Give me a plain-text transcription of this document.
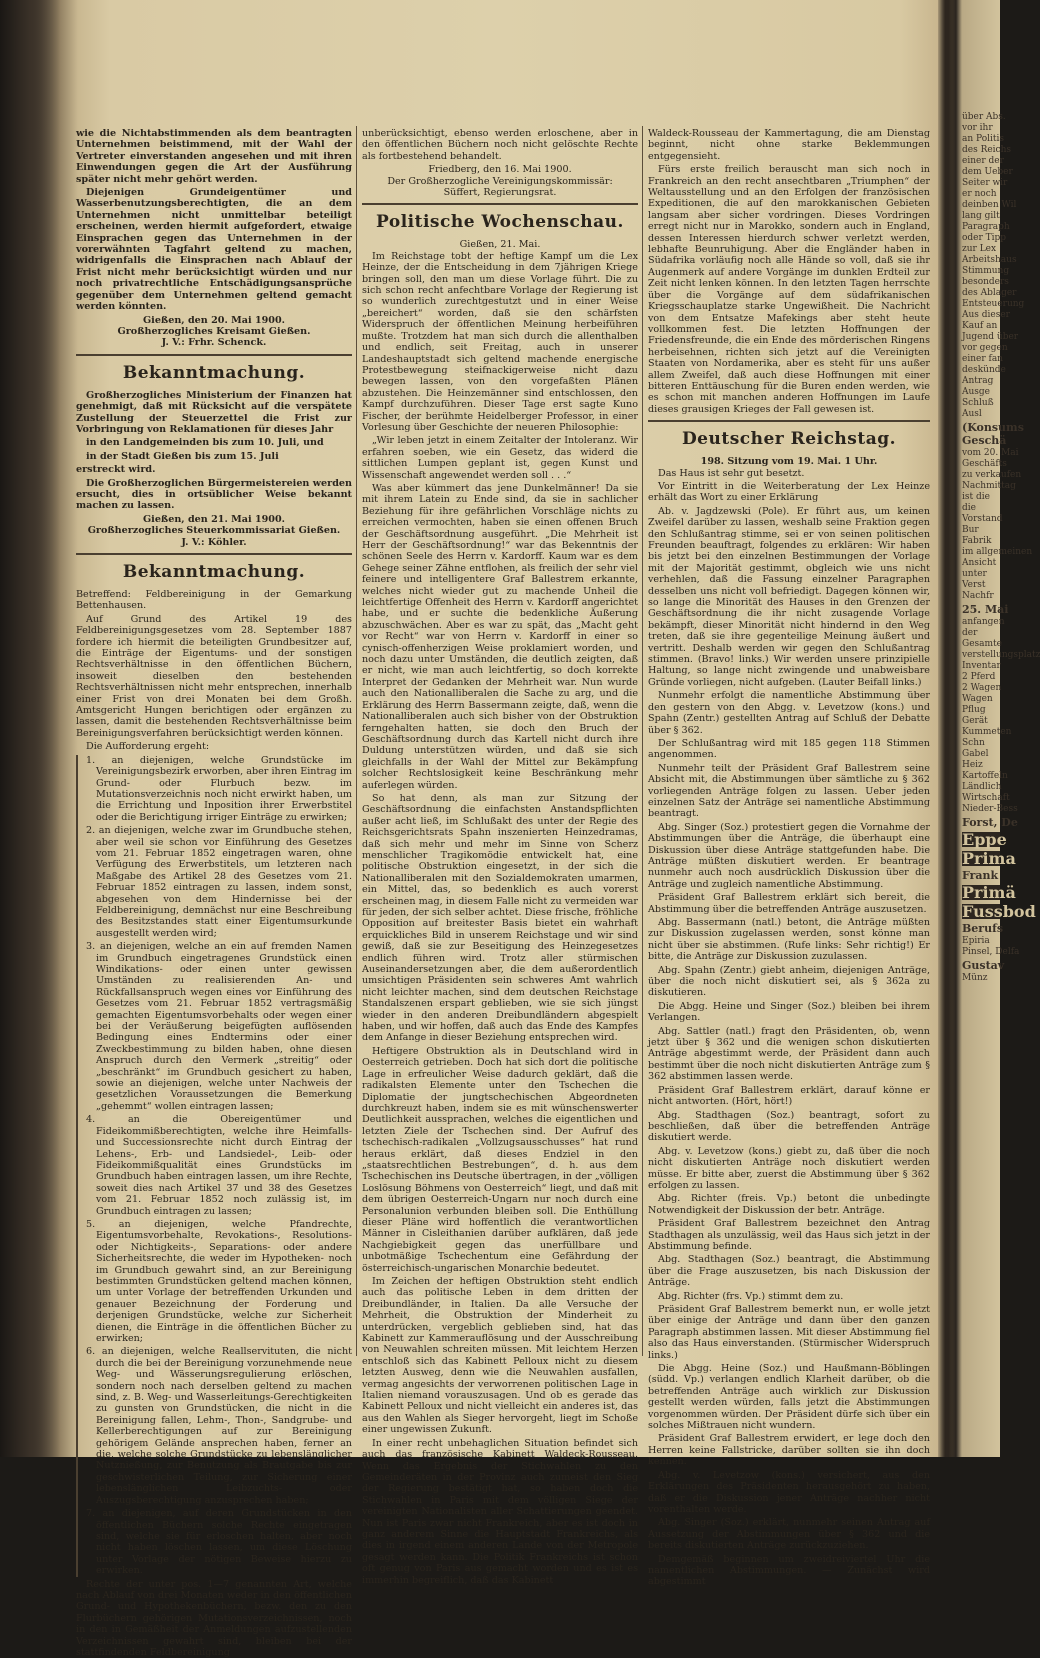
wie die Nichtabstimmenden als dem beantragten Unternehmen beistimmend, mit der Wahl der Vertreter einverstanden angesehen und mit ihren Einwendungen gegen die Art der Ausführung später nicht mehr gehört werden.

Diejenigen Grundeigentümer und Wasserbenutzungsberechtigten, die an dem Unternehmen nicht unmittelbar beteiligt erscheinen, werden hiermit aufgefordert, etwaige Einsprachen gegen das Unternehmen in der vorerwähnten Tagfahrt geltend zu machen, widrigenfalls die Einsprachen nach Ablauf der Frist nicht mehr berücksichtigt würden und nur noch privatrechtliche Entschädigungsansprüche gegenüber dem Unternehmen geltend gemacht werden könnten.

Gießen, den 20. Mai 1900.

Großherzogliches Kreisamt Gießen.

J. V.: Frhr. Schenck.

Bekanntmachung.

Großherzogliches Ministerium der Finanzen hat genehmigt, daß mit Rücksicht auf die verspätete Zustellung der Steuerzettel die Frist zur Vorbringung von Reklamationen für dieses Jahr

in den Landgemeinden bis zum 10. Juli, und

in der Stadt Gießen bis zum 15. Juli

erstreckt wird.

Die Großherzoglichen Bürgermeistereien werden ersucht, dies in ortsüblicher Weise bekannt machen zu lassen.

Gießen, den 21. Mai 1900.

Großherzogliches Steuerkommissariat Gießen.

J. V.: Köhler.

Bekanntmachung.

Betreffend: Feldbereinigung in der Gemarkung Bettenhausen.

Auf Grund des Artikel 19 des Feldbereinigungsgesetzes vom 28. September 1887 fordere ich hiermit die beteiligten Grundbesitzer auf, die Einträge der Eigentums- und der sonstigen Rechtsverhältnisse in den öffentlichen Büchern, insoweit dieselben den bestehenden Rechtsverhältnissen nicht mehr entsprechen, innerhalb einer Frist von drei Monaten bei dem Großh. Amtsgericht Hungen berichtigen oder ergänzen zu lassen, damit die bestehenden Rechtsverhältnisse beim Bereinigungsverfahren berücksichtigt werden können.

Die Aufforderung ergeht:

1. an diejenigen, welche Grundstücke im Vereinigungsbezirk erworben, aber ihren Eintrag im Grund- oder Flurbuch bezw. im Mutationsverzeichnis noch nicht erwirkt haben, um die Errichtung und Inposition ihrer Erwerbstitel oder die Berichtigung irriger Einträge zu erwirken;

2. an diejenigen, welche zwar im Grundbuche stehen, aber weil sie schon vor Einführung des Gesetzes vom 21. Februar 1852 eingetragen waren, ohne Verfügung des Erwerbstitels, um letzteren nach Maßgabe des Artikel 28 des Gesetzes vom 21. Februar 1852 eintragen zu lassen, indem sonst, abgesehen von dem Hindernisse bei der Feldbereinigung, demnächst nur eine Beschreibung des Besitzstandes statt einer Eigentumsurkunde ausgestellt werden wird;

3. an diejenigen, welche an ein auf fremden Namen im Grundbuch eingetragenes Grundstück einen Windikations- oder einen unter gewissen Umständen zu realisierenden An- und Rückfallsanspruch wegen eines vor Einführung des Gesetzes vom 21. Februar 1852 vertragsmäßig gemachten Eigentumsvorbehalts oder wegen einer bei der Veräußerung beigefügten auflösenden Bedingung eines Endtermins oder einer Zweckbestimmung zu bilden haben, ohne diesen Anspruch durch den Vermerk „streitig“ oder „beschränkt“ im Grundbuch gesichert zu haben, sowie an diejenigen, welche unter Nachweis der gesetzlichen Voraussetzungen die Bemerkung „gehemmt“ wollen eintragen lassen;

4. an die Obereigentümer und Fideikommißberechtigten, welche ihre Heimfalls- und Successionsrechte nicht durch Eintrag der Lehens-, Erb- und Landsiedel-, Leib- oder Fideikommißqualität eines Grundstücks im Grundbuch haben eintragen lassen, um ihre Rechte, soweit dies nach Artikel 37 und 38 des Gesetzes vom 21. Februar 1852 noch zulässig ist, im Grundbuch eintragen zu lassen;

5. an diejenigen, welche Pfandrechte, Eigentumsvorbehalte, Revokations-, Resolutions- oder Nichtigkeits-, Separations- oder andere Sicherheitsrechte, die weder im Hypotheken- noch im Grundbuch gewahrt sind, an zur Bereinigung bestimmten Grundstücken geltend machen können, um unter Vorlage der betreffenden Urkunden und genauer Bezeichnung der Forderung und derjenigen Grundstücke, welche zur Sicherheit dienen, die Einträge in die öffentlichen Bücher zu erwirken;

6. an diejenigen, welche Reallservituten, die nicht durch die bei der Bereinigung vorzunehmende neue Weg- und Wässerungsregulierung erlöschen, sondern noch nach derselben geltend zu machen sind, z. B. Weg- und Wasserleitungs-Gerechtigkeiten zu gunsten von Grundstücken, die nicht in die Bereinigung fallen, Lehm-, Thon-, Sandgrube- und Kellerberechtigungen auf zur Bereinigung gehörigem Gelände ansprechen haben, ferner an die, welche solche Grundstücke zu lebenslänglicher Nutznießung, zur Benutzung als Brautgabe bis zur geschwisterlichen Teilung, zur Sicherung einer lebenslänglichen Leibzuchts- oder Auszugsberechtigung anzusprechen haben;

7. an diejenigen, auf deren Grundstücken in den öffentlichen Büchern solche Rechte eingetragen sind, welche sie für erloschen halten, aber noch nicht haben löschen lassen, um diese Löschung unter Vorlage der nötigen Beweise hierzu zu erwirken.

Rechte der unter pos. 1—7 genannten Art, welche nach Ablauf von drei Monaten weder in den öffentlichen Grund- und Hypothekenbüchern, bezw. den zu den Flurbüchern gehörigen Mutationsverzeichnissen, noch in den in Gemäßheit der Anmeldungen aufzustellenden Verzeichnissen gewahrt sind, bleiben bei der stattfindenden Feldbereinigung

unberücksichtigt, ebenso werden erloschene, aber in den öffentlichen Büchern noch nicht gelöschte Rechte als fortbestehend behandelt.

Friedberg, den 16. Mai 1900.

Der Großherzogliche Vereinigungskommissär:

Süffert, Regierungsrat.

Politische Wochenschau.

Gießen, 21. Mai.

Im Reichstage tobt der heftige Kampf um die Lex Heinze, der die Entscheidung in dem 7jährigen Kriege bringen soll, den man um diese Vorlage führt. Die zu sich schon recht anfechtbare Vorlage der Regierung ist so wunderlich zurechtgestutzt und in einer Weise „bereichert“ worden, daß sie den schärfsten Widerspruch der öffentlichen Meinung herbeiführen mußte. Trotzdem hat man sich durch die allenthalben und endlich, seit Freitag, auch in unserer Landeshauptstadt sich geltend machende energische Protestbewegung steifnackigerweise nicht dazu bewegen lassen, von den vorgefaßten Plänen abzustehen. Die Heinzemänner sind entschlossen, den Kampf durchzuführen. Dieser Tage erst sagte Kuno Fischer, der berühmte Heidelberger Professor, in einer Vorlesung über Geschichte der neueren Philosophie:

„Wir leben jetzt in einem Zeitalter der Intoleranz. Wir erfahren soeben, wie ein Gesetz, das widerd die sittlichen Lumpen geplant ist, gegen Kunst und Wissenschaft angewendet werden soll . . .“

Was aber kümmert das jene Dunkelmänner! Da sie mit ihrem Latein zu Ende sind, da sie in sachlicher Beziehung für ihre gefährlichen Vorschläge nichts zu erreichen vermochten, haben sie einen offenen Bruch der Geschäftsordnung ausgeführt. „Die Mehrheit ist Herr der Geschäftsordnung!“ war das Bekenntnis der schönen Seele des Herrn v. Kardorff. Kaum war es dem Gehege seiner Zähne entflohen, als freilich der sehr viel feinere und intelligentere Graf Ballestrem erkannte, welches nicht wieder gut zu machende Unheil die leichtfertige Offenheit des Herrn v. Kardorff angerichtet habe, und er suchte die bedenkliche Äußerung abzuschwächen. Aber es war zu spät, das „Macht geht vor Recht“ war von Herrn v. Kardorff in einer so cynisch-offenherzigen Weise proklamiert worden, und noch dazu unter Umständen, die deutlich zeigten, daß er nicht, wie man auch leichtfertig, so doch korrekte Interpret der Gedanken der Mehrheit war. Nun wurde auch den Nationalliberalen die Sache zu arg, und die Erklärung des Herrn Bassermann zeigte, daß, wenn die Nationalliberalen auch sich bisher von der Obstruktion ferngehalten hatten, sie doch den Bruch der Geschäftsordnung durch das Kartell nicht durch ihre Duldung unterstützen würden, und daß sie sich gleichfalls in der Wahl der Mittel zur Bekämpfung solcher Rechtslosigkeit keine Beschränkung mehr auferlegen würden.

So hat denn, als man zur Sitzung der Geschäftsordnung die einfachsten Anstandspflichten außer acht ließ, im Schlußakt des unter der Regie des Reichsgerichtsrats Spahn inszenierten Heinzedramas, daß sich mehr und mehr im Sinne von Scherz menschlicher Tragikomödie entwickelt hat, eine politische Obstruktion eingesetzt, in der sich die Nationalliberalen mit den Sozialdemokraten umarmen, ein Mittel, das, so bedenklich es auch vorerst erscheinen mag, in diesem Falle nicht zu vermeiden war für jeden, der sich selber achtet. Diese frische, fröhliche Opposition auf breitester Basis bietet ein wahrhaft erquickliches Bild in unserem Reichstage und wir sind gewiß, daß sie zur Beseitigung des Heinzegesetzes endlich führen wird. Trotz aller stürmischen Auseinandersetzungen aber, die dem außerordentlich umsichtigen Präsidenten sein schweres Amt wahrlich nicht leichter machen, sind dem deutschen Reichstage Standalszenen erspart geblieben, wie sie sich jüngst wieder in den anderen Dreibundländern abgespielt haben, und wir hoffen, daß auch das Ende des Kampfes dem Anfange in dieser Beziehung entsprechen wird.

Heftigere Obstruktion als in Deutschland wird in Oesterreich getrieben. Doch hat sich dort die politische Lage in erfreulicher Weise dadurch geklärt, daß die radikalsten Elemente unter den Tschechen die Diplomatie der jungtschechischen Abgeordneten durchkreuzt haben, indem sie es mit wünschenswerter Deutlichkeit aussprachen, welches die eigentlichen und letzten Ziele der Tschechen sind. Der Aufruf des tschechisch-radikalen „Vollzugsausschusses“ hat rund heraus erklärt, daß dieses Endziel in den „staatsrechtlichen Bestrebungen“, d. h. aus dem Tschechischen ins Deutsche übertragen, in der „völligen Loslösung Böhmens von Oesterreich“ liegt, und daß mit dem übrigen Oesterreich-Ungarn nur noch durch eine Personalunion verbunden bleiben soll. Die Enthüllung dieser Pläne wird hoffentlich die verantwortlichen Männer in Cisleithanien darüber aufklären, daß jede Nachgiebigkeit gegen das unerfüllbare und unbotmäßige Tschechentum eine Gefährdung der österreichisch-ungarischen Monarchie bedeutet.

Im Zeichen der heftigen Obstruktion steht endlich auch das politische Leben in dem dritten der Dreibundländer, in Italien. Da alle Versuche der Mehrheit, die Obstruktion der Minderheit zu unterdrücken, vergeblich geblieben sind, hat das Kabinett zur Kammerauflösung und der Ausschreibung von Neuwahlen schreiten müssen. Mit leichtem Herzen entschloß sich das Kabinett Pelloux nicht zu diesem letzten Ausweg, denn wie die Neuwahlen ausfallen, vermag angesichts der verworrenen politischen Lage in Italien niemand vorauszusagen. Und ob es gerade das Kabinett Pelloux und nicht vielleicht ein anderes ist, das aus den Wahlen als Sieger hervorgeht, liegt im Schoße einer ungewissen Zukunft.

In einer recht unbehaglichen Situation befindet sich auch das französische Kabinett Waldeck-Rousseau. Wenn das Ergebnis der Stichwahlen zu den Gemeinderäten in der Provinz auch zumeist den Sieg der Regierung bestätigt hat, so haben doch die Stichwahlen in Paris mit dem völligen Siege der vereinigten Nationalisten aller Schattierungen geendet. Nun ist Paris zwar nicht Frankreich, aber es ist doch in ganz anderem Sinne die Hauptstadt Frankreichs, als dies in irgend einem anderen Lande von der Metropole gesagt werden kann. Die Politik Frankreichs ist schon oft genug von Paris aus gemacht worden und es ist es immerhin begreiflich, daß das Kabinett

Waldeck-Rousseau der Kammertagung, die am Dienstag beginnt, nicht ohne starke Beklemmungen entgegensieht.

Fürs erste freilich berauscht man sich noch in Frankreich an den recht ansechtbaren „Triumphen“ der Weltausstellung und an den Erfolgen der französischen Expeditionen, die auf den marokkanischen Gebieten langsam aber sicher vordringen. Dieses Vordringen erregt nicht nur in Marokko, sondern auch in England, dessen Interessen hierdurch schwer verletzt werden, lebhafte Beunruhigung. Aber die Engländer haben in Südafrika vorläufig noch alle Hände so voll, daß sie ihr Augenmerk auf andere Vorgänge im dunklen Erdteil zur Zeit nicht lenken können. In den letzten Tagen herrschte über die Vorgänge auf dem südafrikanischen Kriegsschauplatze starke Ungewißheit. Die Nachricht von dem Entsatze Mafekings aber steht heute vollkommen fest. Die letzten Hoffnungen der Friedensfreunde, die ein Ende des mörderischen Ringens herbeisehnen, richten sich jetzt auf die Vereinigten Staaten von Nordamerika, aber es steht für uns außer allem Zweifel, daß auch diese Hoffnungen mit einer bitteren Enttäuschung für die Buren enden werden, wie es schon mit manchen anderen Hoffnungen im Laufe dieses grausigen Krieges der Fall gewesen ist.

Deutscher Reichstag.

198. Sitzung vom 19. Mai. 1 Uhr.

Das Haus ist sehr gut besetzt.

Vor Eintritt in die Weiterberatung der Lex Heinze erhält das Wort zu einer Erklärung

Ab. v. Jagdzewski (Pole). Er führt aus, um keinen Zweifel darüber zu lassen, weshalb seine Fraktion gegen den Schlußantrag stimme, sei er von seinen politischen Freunden beauftragt, folgendes zu erklären: Wir haben bis jetzt bei den einzelnen Bestimmungen der Vorlage mit der Majorität gestimmt, obgleich wie uns nicht verhehlen, daß die Fassung einzelner Paragraphen desselben uns nicht voll befriedigt. Dagegen können wir, so lange die Minorität des Hauses in den Grenzen der Geschäftsordnung die ihr nicht zusagende Vorlage bekämpft, dieser Minorität nicht hindernd in den Weg treten, daß sie ihre gegenteilige Meinung äußert und vertritt. Deshalb werden wir gegen den Schlußantrag stimmen. (Bravo! links.) Wir werden unsere prinzipielle Haltung, so lange nicht zwingende und unabweisbare Gründe vorliegen, nicht aufgeben. (Lauter Beifall links.)

Nunmehr erfolgt die namentliche Abstimmung über den gestern von den Abgg. v. Levetzow (kons.) und Spahn (Zentr.) gestellten Antrag auf Schluß der Debatte über § 362.

Der Schlußantrag wird mit 185 gegen 118 Stimmen angenommen.

Nunmehr teilt der Präsident Graf Ballestrem seine Absicht mit, die Abstimmungen über sämtliche zu § 362 vorliegenden Anträge folgen zu lassen. Ueber jeden einzelnen Satz der Anträge sei namentliche Abstimmung beantragt.

Abg. Singer (Soz.) protestiert gegen die Vornahme der Abstimmungen über die Anträge, die überhaupt eine Diskussion über diese Anträge stattgefunden habe. Die Anträge müßten diskutiert werden. Er beantrage nunmehr auch noch ausdrücklich Diskussion über die Anträge und zugleich namentliche Abstimmung.

Präsident Graf Ballestrem erklärt sich bereit, die Abstimmung über die betreffenden Anträge auszusetzen.

Abg. Bassermann (natl.) betont, die Anträge müßten zur Diskussion zugelassen werden, sonst könne man nicht über sie abstimmen. (Rufe links: Sehr richtig!) Er bitte, die Anträge zur Diskussion zuzulassen.

Abg. Spahn (Zentr.) giebt anheim, diejenigen Anträge, über die noch nicht diskutiert sei, als § 362a zu diskutieren.

Die Abgg. Heine und Singer (Soz.) bleiben bei ihrem Verlangen.

Abg. Sattler (natl.) fragt den Präsidenten, ob, wenn jetzt über § 362 und die wenigen schon diskutierten Anträge abgestimmt werde, der Präsident dann auch bestimmt über die noch nicht diskutierten Anträge zum § 362 abstimmen lassen werde.

Präsident Graf Ballestrem erklärt, darauf könne er nicht antworten. (Hört, hört!)

Abg. Stadthagen (Soz.) beantragt, sofort zu beschließen, daß über die betreffenden Anträge diskutiert werde.

Abg. v. Levetzow (kons.) giebt zu, daß über die noch nicht diskutierten Anträge noch diskutiert werden müsse. Er bitte aber, zuerst die Abstimmung über § 362 erfolgen zu lassen.

Abg. Richter (freis. Vp.) betont die unbedingte Notwendigkeit der Diskussion der betr. Anträge.

Präsident Graf Ballestrem bezeichnet den Antrag Stadthagen als unzulässig, weil das Haus sich jetzt in der Abstimmung befinde.

Abg. Stadthagen (Soz.) beantragt, die Abstimmung über die Frage auszusetzen, bis nach Diskussion der Anträge.

Abg. Richter (frs. Vp.) stimmt dem zu.

Präsident Graf Ballestrem bemerkt nun, er wolle jetzt über einige der Anträge und dann über den ganzen Paragraph abstimmen lassen. Mit dieser Abstimmung fiel also das Haus einverstanden. (Stürmischer Widerspruch links.)

Die Abgg. Heine (Soz.) und Haußmann-Böblingen (südd. Vp.) verlangen endlich Klarheit darüber, ob die betreffenden Anträge auch wirklich zur Diskussion gestellt werden würden, falls jetzt die Abstimmungen vorgenommen würden. Der Präsident dürfe sich über ein solches Mißtrauen nicht wundern.

Präsident Graf Ballestrem erwidert, er lege doch den Herren keine Fallstricke, darüber sollten sie ihn doch kennen.

Abg. v. Levetzow (kons.) versichert, aus den Erklärungen des Präsidenten herausgehört zu haben, daß er die Diskussion jener Anträge nachher nicht vorenthalten werde.

Abg. Singer (Soz.) erklärt, nunmehr seinen Antrag auf Aussetzung der Abstimmungen über § 362 und die bereits diskutierten Anträge zurückzuziehen.

Demgemäß beginnen um zweidreiviertel Uhr die namentlichen Abstimmungen. — Zunächst wird abgestimmt

über Abs.
vor ihr
an Politis
des Reichs
einer der
dem Ueber
Seiter wir
er noch
deinben Wil
lang gilt
Paragraph
oder Tipp
zur Lex
Arbeitshaus
Stimmung
besonders
des Ablager
Entsteuerung
Aus dieser
Kauf an
Jugend über
vor gegen
einer fan
deskünde
Antrag
Ausge
Schluß
Ausl
(Konsums
Geschä
vom 20. Mai
Geschäfts
zu verkaufen
Nachmittag
ist die
die
Vorstand
Bur
Fabrik
im allgemeinen
Ansicht
unter
Verst
Nachfr
25. Mai
anfangen
der
Gesamte
verstellungsplatz
Inventar
2 Pferd
2 Wagen
Wagen
Pflug
Gerät
Kummeten
Schn
Gabel
Heiz
Kartoffeln
Ländlich
Wirtschaft
Nieder-Bess
Forst, De
Eppe
Prima
Frank
Primä
Fussbod
Berufs
Epiria
Pinsel, Delfa
Gustav
Münz
